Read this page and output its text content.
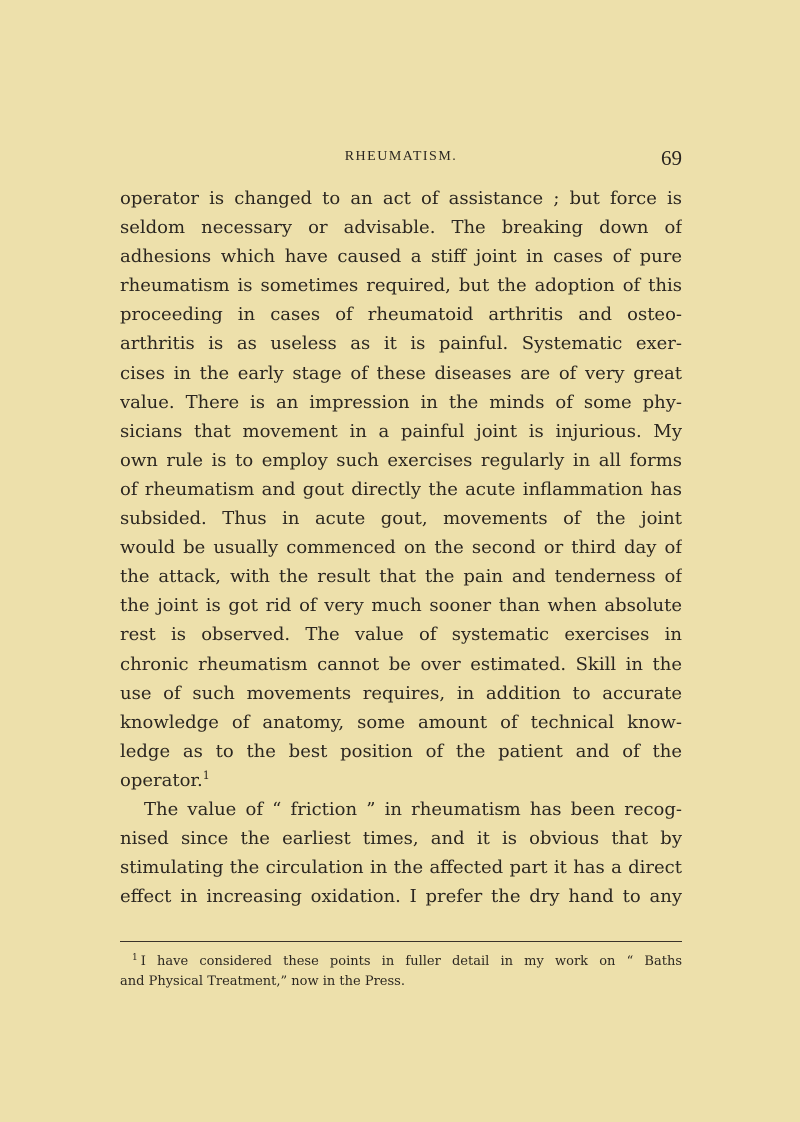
RHEUMATISM.	69
operator is changed to an act of assistance ; but force is
seldom necessary or advisable. The breaking down of
adhesions which have caused a stiff joint in cases of pure
rheumatism is sometimes required, but the adoption of this
proceeding in cases of rheumatoid arthritis and osteo-
arthritis is as useless as it is painful. Systematic exer-
cises in the early stage of these diseases are of very great
value. There is an impression in the minds of some phy-
sicians that movement in a painful joint is injurious. My
own rule is to employ such exercises regularly in all forms
of rheumatism and gout directly the acute inflammation has
subsided. Thus in acute gout, movements of the joint
would be usually commenced on the second or third day of
the attack, with the result that the pain and tenderness of
the joint is got rid of very much sooner than when absolute
rest is observed. The value of systematic exercises in
chronic rheumatism cannot be over estimated. Skill in the
use of such movements requires, in addition to accurate
knowledge of anatomy, some amount of technical know-
ledge as to the best position of the patient and of the
operator.$^1$
The value of “ friction ” in rheumatism has been recog-
nised since the earliest times, and it is obvious that by
stimulating the circulation in the affected part it has a direct
effect in increasing oxidation. I prefer the dry hand to any
$^1$ I have considered these points in fuller detail in my work on “ Baths
and Physical Treatment,” now in the Press.
